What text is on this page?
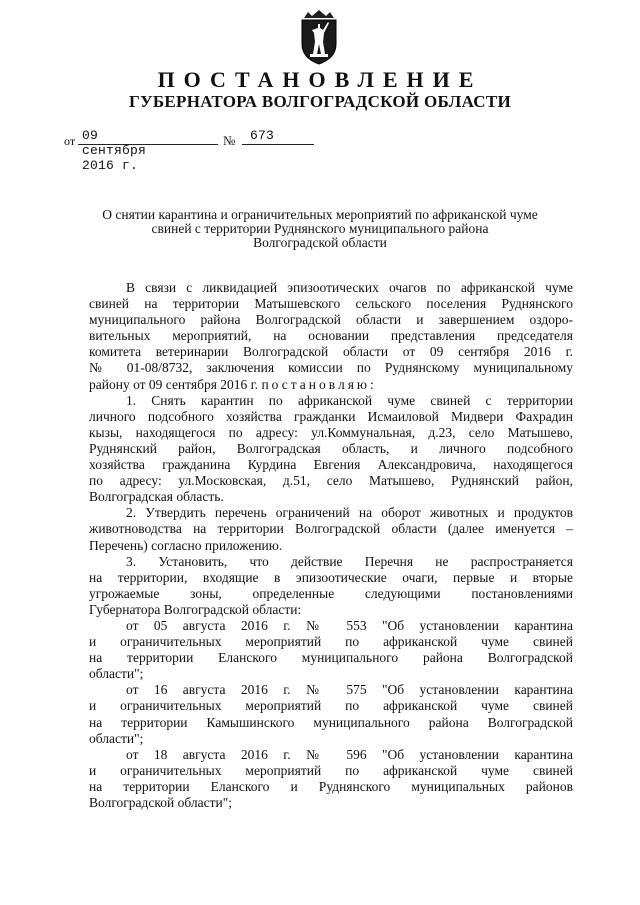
ПОСТАНОВЛЕНИЕ
ГУБЕРНАТОРА ВОЛГОГРАДСКОЙ ОБЛАСТИ
от 09 сентября 2016 г.
№ 673
О снятии карантина и ограничительных мероприятий по африканской чуме
свиней с территории Руднянского муниципального района
Волгоградской области

В связи с ликвидацией эпизоотических очагов по африканской чуме
свиней на территории Матышевского сельского поселения Руднянского
муниципального района Волгоградской области и завершением оздоро-
вительных мероприятий, на основании представления председателя
комитета ветеринарии Волгоградской области от 09 сентября 2016 г.
№ 01-08/8732, заключения комиссии по Руднянскому муниципальному
району от 09 сентября 2016 г. постановляю:

1. Снять карантин по африканской чуме свиней с территории
личного подсобного хозяйства гражданки Исмаиловой Мидвери Фахрадин
кызы, находящегося по адресу: ул.Коммунальная, д.23, село Матышево,
Руднянский район, Волгоградская область, и личного подсобного
хозяйства гражданина Курдина Евгения Александровича, находящегося
по адресу: ул.Московская, д.51, село Матышево, Руднянский район,
Волгоградская область.

2. Утвердить перечень ограничений на оборот животных и продуктов
животноводства на территории Волгоградской области (далее именуется –
Перечень) согласно приложению.

3. Установить, что действие Перечня не распространяется
на территории, входящие в эпизоотические очаги, первые и вторые
угрожаемые зоны, определенные следующими постановлениями
Губернатора Волгоградской области:

от 05 августа 2016 г. № 553 "Об установлении карантина
и ограничительных мероприятий по африканской чуме свиней
на территории Еланского муниципального района Волгоградской
области";

от 16 августа 2016 г. № 575 "Об установлении карантина
и ограничительных мероприятий по африканской чуме свиней
на территории Камышинского муниципального района Волгоградской
области";

от 18 августа 2016 г. № 596 "Об установлении карантина
и ограничительных мероприятий по африканской чуме свиней
на территории Еланского и Руднянского муниципальных районов
Волгоградской области";
